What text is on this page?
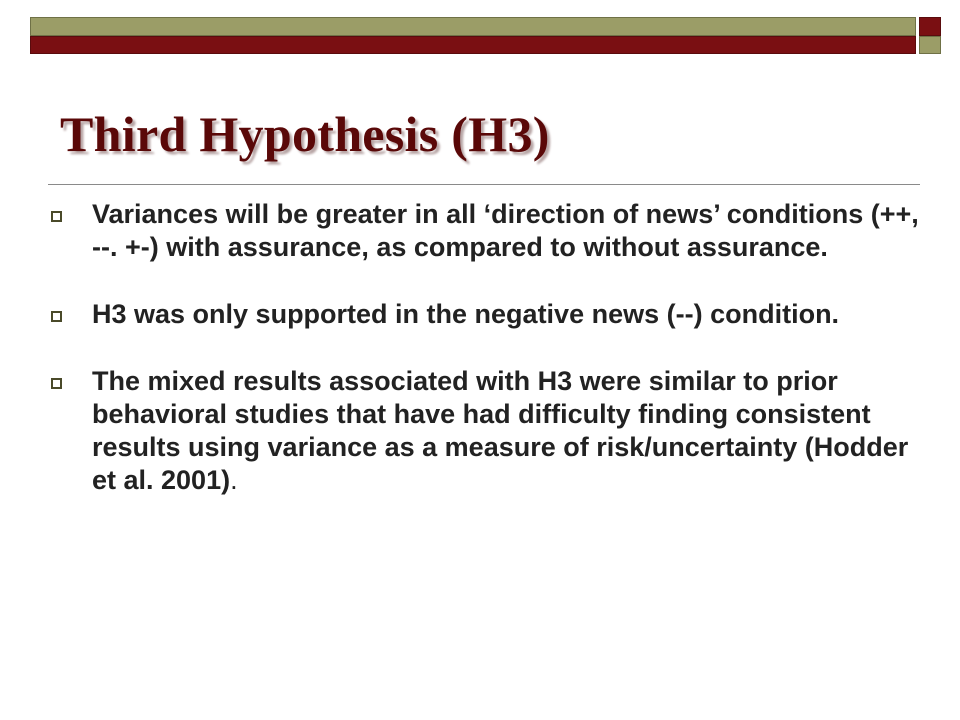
Third Hypothesis (H3)
Variances will be greater in all ‘direction of news’ conditions (++, --. +-) with assurance, as compared to without assurance.
H3 was only supported in the negative news (--) condition.
The mixed results associated with H3 were similar to prior behavioral studies that have had difficulty finding consistent results using variance as a measure of risk/uncertainty (Hodder et al. 2001).
